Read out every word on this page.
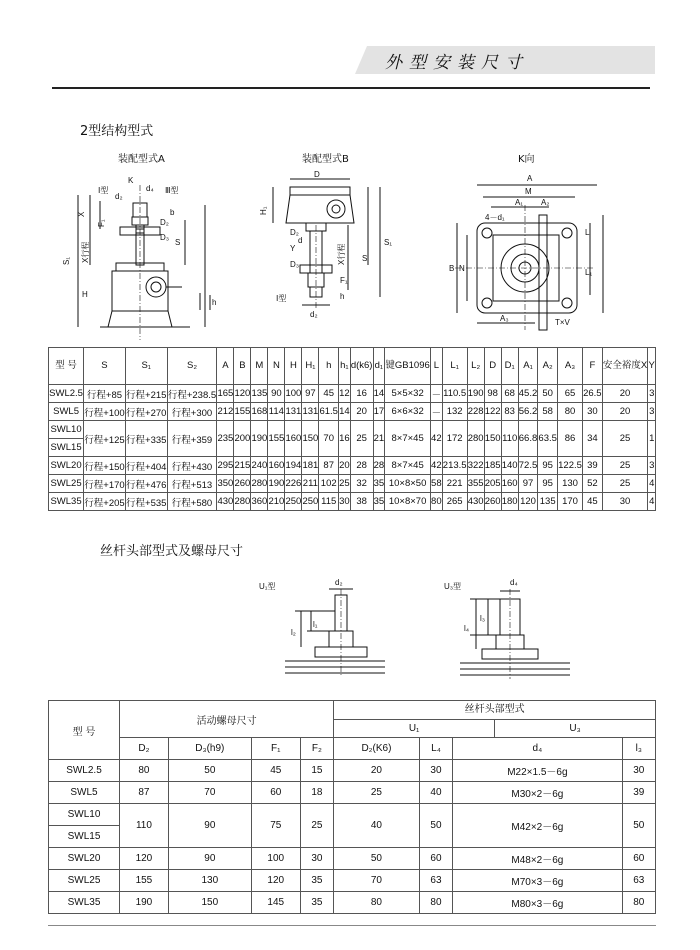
外型安装尺寸
2型结构型式
装配型式A	装配型式B	K向
K
Ⅰ型	Ⅲ型
d₂
d₄
D₂
D₃
S
S₁ X行程
X
F₁
H
h
b
D
H₁
D₂
D₃
Y
d
X行程 S
S₁
Ⅰ型
d₂
F₁
h
A
M
A₂
A₁
4－d₁
B N
L
L₁
A₃	T×V
型 号	S	S₁	S₂	A	B	M	N	H	H₁	h	h₁	d(k6)	d₁	键GB1096	L	L₁	L₂	D	D₁	A₁	A₂	A₃	F	安全裕度X	Y
SWL2.5	行程+85	行程+215	行程+238.5	165	120	135	90	100	97	45	12	16	14	5×5×32	－	110.5	190	98	68	45.2	50	65	26.5	20	3
SWL5	行程+100	行程+270	行程+300	212	155	168	114	131	131	61.5	14	20	17	6×6×32	－	132	228	122	83	56.2	58	80	30	20	3
SWL10	行程+125	行程+335	行程+359	235	200	190	155	160	150	70	16	25	21	8×7×45	42	172	280	150	110	66.8	63.5	86	34	25	1
SWL15																									
SWL20	行程+150	行程+404	行程+430	295	215	240	160	194	181	87	20	28	28	8×7×45	42	213.5	322	185	140	72.5	95	122.5	39	25	3
SWL25	行程+170	行程+476	行程+513	350	260	280	190	226	211	102	25	32	35	10×8×50	58	221	355	205	160	97	95	130	52	25	4
SWL35	行程+205	行程+535	行程+580	430	280	360	210	250	250	115	30	38	35	10×8×70	80	265	430	260	180	120	135	170	45	30	4
丝杆头部型式及螺母尺寸
U₁型	d₂
l₂
l₁
U₃型	d₄
l₄
l₃
型 号	活动螺母尺寸				丝杆头部型式
U₁ U₃			

	D₂	D₃(h9)	F₁	F₂	D₂(K6)	L₄	d₄	l₃
SWL2.5	80	50	45	15	20	30	M22×1.5－6g	30
SWL5	87	70	60	18	25	40	M30×2－6g	39
SWL10	110	90	75	25	40	50	M42×2－6g	50
SWL15								
SWL20	120	90	100	30	50	60	M48×2－6g	60
SWL25	155	130	120	35	70	63	M70×3－6g	63
SWL35	190	150	145	35	80	80	M80×3－6g	80
